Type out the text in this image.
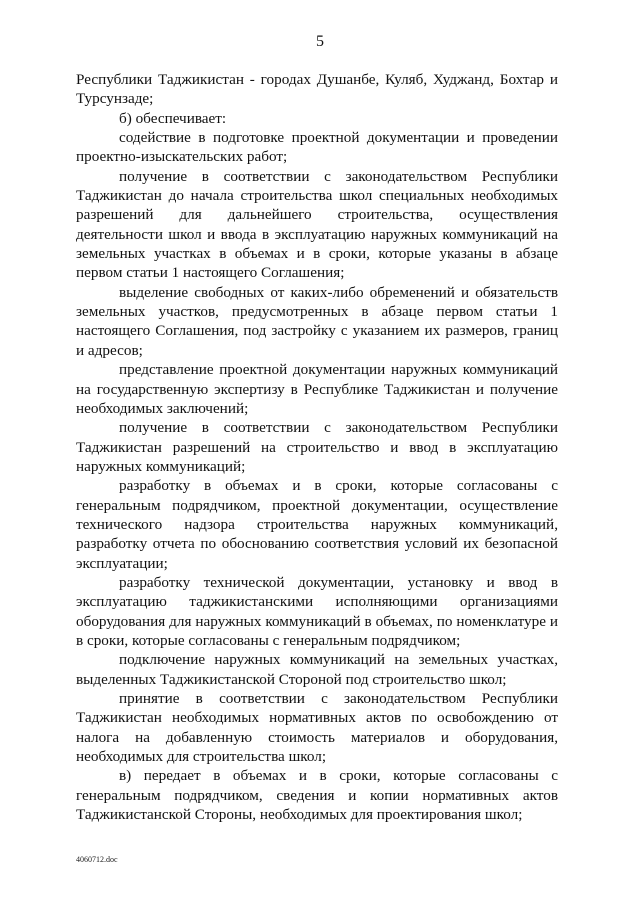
5

Республики Таджикистан - городах Душанбе, Куляб, Худжанд, Бохтар и Турсунзаде;

б) обеспечивает:

содействие в подготовке проектной документации и проведении проектно-изыскательских работ;

получение в соответствии с законодательством Республики Таджикистан до начала строительства школ специальных необходимых разрешений для дальнейшего строительства, осуществления деятельности школ и ввода в эксплуатацию наружных коммуникаций на земельных участках в объемах и в сроки, которые указаны в абзаце первом статьи 1 настоящего Соглашения;

выделение свободных от каких-либо обременений и обязательств земельных участков, предусмотренных в абзаце первом статьи 1 настоящего Соглашения, под застройку с указанием их размеров, границ и адресов;

представление проектной документации наружных коммуникаций на государственную экспертизу в Республике Таджикистан и получение необходимых заключений;

получение в соответствии с законодательством Республики Таджикистан разрешений на строительство и ввод в эксплуатацию наружных коммуникаций;

разработку в объемах и в сроки, которые согласованы с генеральным подрядчиком, проектной документации, осуществление технического надзора строительства наружных коммуникаций, разработку отчета по обоснованию соответствия условий их безопасной эксплуатации;

разработку технической документации, установку и ввод в эксплуатацию таджикистанскими исполняющими организациями оборудования для наружных коммуникаций в объемах, по номенклатуре и в сроки, которые согласованы с генеральным подрядчиком;

подключение наружных коммуникаций на земельных участках, выделенных Таджикистанской Стороной под строительство школ;

принятие в соответствии с законодательством Республики Таджикистан необходимых нормативных актов по освобождению от налога на добавленную стоимость материалов и оборудования, необходимых для строительства школ;

в) передает в объемах и в сроки, которые согласованы с генеральным подрядчиком, сведения и копии нормативных актов Таджикистанской Стороны, необходимых для проектирования школ;

4060712.doc
